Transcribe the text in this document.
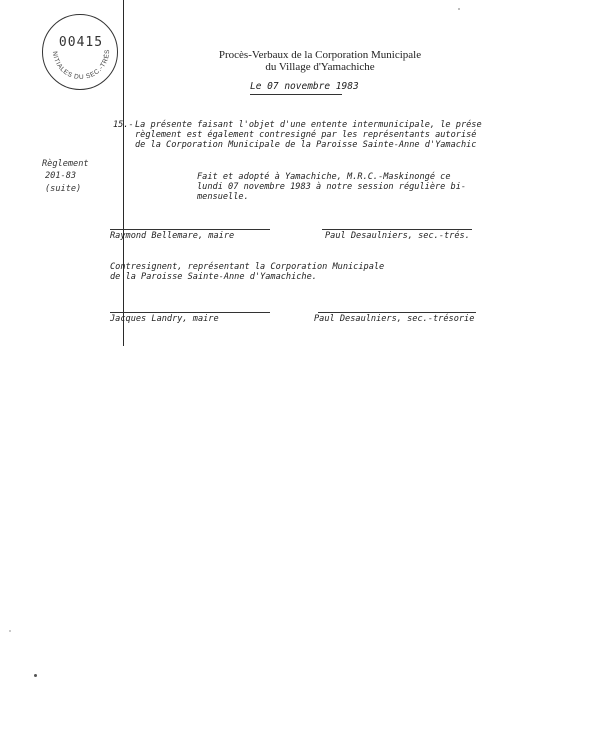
00415
NITIALES DU SEC.-TRÉS	Procès-Verbaux de la Corporation Municipale
du Village d'Yamachiche
Le 07 novembre 1983
Règlement
201-83
(suite)
15.- La présente faisant l'objet d'une entente intermunicipale, le prése
règlement est également contresigné par les représentants autorisé
de la Corporation Municipale de la Paroisse Sainte-Anne d'Yamachic
Fait et adopté à Yamachiche, M.R.C.-Maskinongé ce
lundi 07 novembre 1983 à notre session régulière bi-
mensuelle.
Raymond Bellemare, maire	Paul Desaulniers, sec.-trés.
Contresignent, représentant la Corporation Municipale
de la Paroisse Sainte-Anne d'Yamachiche.
Jacques Landry, maire	Paul Desaulniers, sec.-trésorie
